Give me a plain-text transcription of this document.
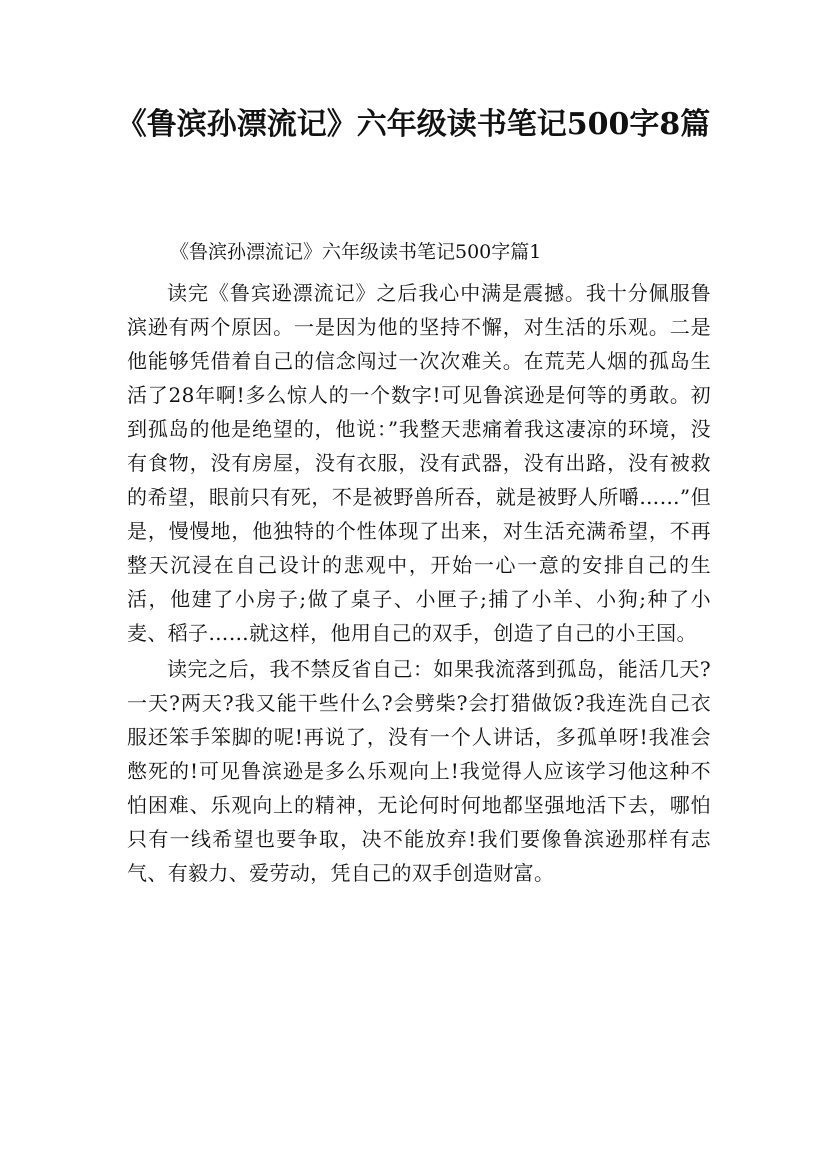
《鲁滨孙漂流记》六年级读书笔记500字8篇

《鲁滨孙漂流记》六年级读书笔记500字篇1

读完《鲁宾逊漂流记》之后我心中满是震撼。我十分佩服鲁滨逊有两个原因。一是因为他的坚持不懈，对生活的乐观。二是他能够凭借着自己的信念闯过一次次难关。在荒芜人烟的孤岛生活了28年啊!多么惊人的一个数字!可见鲁滨逊是何等的勇敢。初到孤岛的他是绝望的，他说：”我整天悲痛着我这凄凉的环境，没有食物，没有房屋，没有衣服，没有武器，没有出路，没有被救的希望，眼前只有死，不是被野兽所吞，就是被野人所嚼……”但是，慢慢地，他独特的个性体现了出来，对生活充满希望，不再整天沉浸在自己设计的悲观中，开始一心一意的安排自己的生活，他建了小房子;做了桌子、小匣子;捕了小羊、小狗;种了小麦、稻子……就这样，他用自己的双手，创造了自己的小王国。

读完之后，我不禁反省自己：如果我流落到孤岛，能活几天?一天?两天?我又能干些什么?会劈柴?会打猎做饭?我连洗自己衣服还笨手笨脚的呢!再说了，没有一个人讲话，多孤单呀!我准会憋死的!可见鲁滨逊是多么乐观向上!我觉得人应该学习他这种不怕困难、乐观向上的精神，无论何时何地都坚强地活下去，哪怕只有一线希望也要争取，决不能放弃!我们要像鲁滨逊那样有志气、有毅力、爱劳动，凭自己的双手创造财富。
